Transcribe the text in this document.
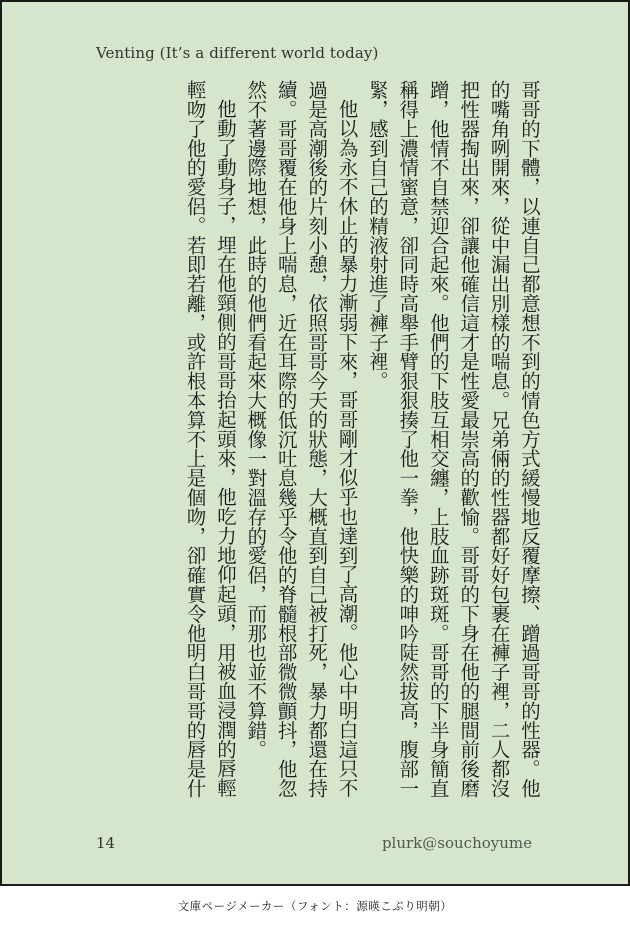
Venting (It’s a different world today)

哥哥的下體，以連自己都意想不到的情色方式緩慢地反覆摩擦、蹭過哥哥的性器。他的嘴角咧開來，從中漏出別樣的喘息。兄弟倆的性器都好好包裹在褲子裡，二人都沒把性器掏出來，卻讓他確信這才是性愛最崇高的歡愉。哥哥的下身在他的腿間前後磨蹭，他情不自禁迎合起來。他們的下肢互相交纏，上肢血跡斑斑。哥哥的下半身簡直稱得上濃情蜜意，卻同時高舉手臂狠狠揍了他一拳，他快樂的呻吟陡然拔高，腹部一緊，感到自己的精液射進了褲子裡。

他以為永不休止的暴力漸弱下來，哥哥剛才似乎也達到了高潮。他心中明白這只不過是高潮後的片刻小憩，依照哥哥今天的狀態，大概直到自己被打死，暴力都還在持續。哥哥覆在他身上喘息，近在耳際的低沉吐息幾乎令他的脊髓根部微微顫抖，他忽然不著邊際地想，此時的他們看起來大概像一對溫存的愛侶，而那也並不算錯。

他動了動身子，埋在他頸側的哥哥抬起頭來，他吃力地仰起頭，用被血浸潤的唇輕輕吻了他的愛侶。若即若離，或許根本算不上是個吻，卻確實令他明白哥哥的唇是什

14	plurk@souchoyume
文庫ページメーカー（フォント：源暎こぶり明朝）
